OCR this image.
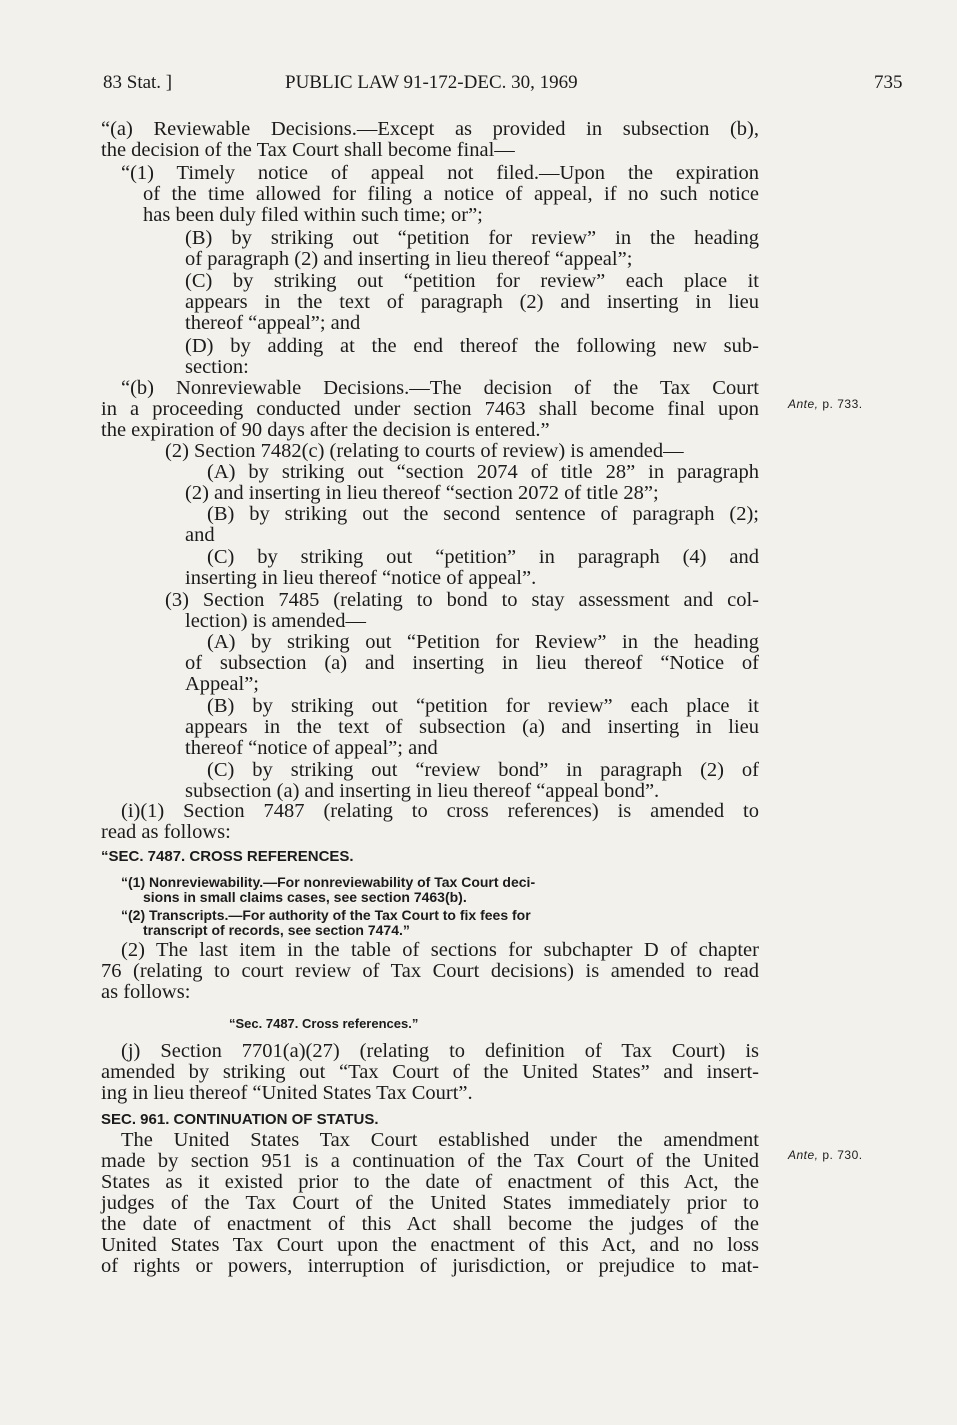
83 Stat. ]	PUBLIC LAW 91-172-DEC. 30, 1969	735
“(a) Reviewable Decisions.—Except as provided in subsection (b),
the decision of the Tax Court shall become final—
“(1) Timely notice of appeal not filed.—Upon the expiration
of the time allowed for filing a notice of appeal, if no such notice
has been duly filed within such time; or”;
(B) by striking out “petition for review” in the heading
of paragraph (2) and inserting in lieu thereof “appeal”;
(C) by striking out “petition for review” each place it
appears in the text of paragraph (2) and inserting in lieu
thereof “appeal”; and
(D) by adding at the end thereof the following new sub-
section:
“(b) Nonreviewable Decisions.—The decision of the Tax Court
in a proceeding conducted under section 7463 shall become final upon
the expiration of 90 days after the decision is entered.”
(2) Section 7482(c) (relating to courts of review) is amended—
(A) by striking out “section 2074 of title 28” in paragraph
(2) and inserting in lieu thereof “section 2072 of title 28”;
(B) by striking out the second sentence of paragraph (2);
and
(C) by striking out “petition” in paragraph (4) and
inserting in lieu thereof “notice of appeal”.
(3) Section 7485 (relating to bond to stay assessment and col-
lection) is amended—
(A) by striking out “Petition for Review” in the heading
of subsection (a) and inserting in lieu thereof “Notice of
Appeal”;
(B) by striking out “petition for review” each place it
appears in the text of subsection (a) and inserting in lieu
thereof “notice of appeal”; and
(C) by striking out “review bond” in paragraph (2) of
subsection (a) and inserting in lieu thereof “appeal bond”.
(i)(1) Section 7487 (relating to cross references) is amended to
read as follows:
“SEC. 7487. CROSS REFERENCES.
“(1) Nonreviewability.—For nonreviewability of Tax Court deci-
sions in small claims cases, see section 7463(b).
“(2) Transcripts.—For authority of the Tax Court to fix fees for
transcript of records, see section 7474.”
(2) The last item in the table of sections for subchapter D of chapter
76 (relating to court review of Tax Court decisions) is amended to read
as follows:
“Sec. 7487. Cross references.”
(j) Section 7701(a)(27) (relating to definition of Tax Court) is
amended by striking out “Tax Court of the United States” and insert-
ing in lieu thereof “United States Tax Court”.
SEC. 961. CONTINUATION OF STATUS.
The United States Tax Court established under the amendment
made by section 951 is a continuation of the Tax Court of the United
States as it existed prior to the date of enactment of this Act, the
judges of the Tax Court of the United States immediately prior to
the date of enactment of this Act shall become the judges of the
United States Tax Court upon the enactment of this Act, and no loss
of rights or powers, interruption of jurisdiction, or prejudice to mat-
Ante, p. 733.
Ante, p. 730.
